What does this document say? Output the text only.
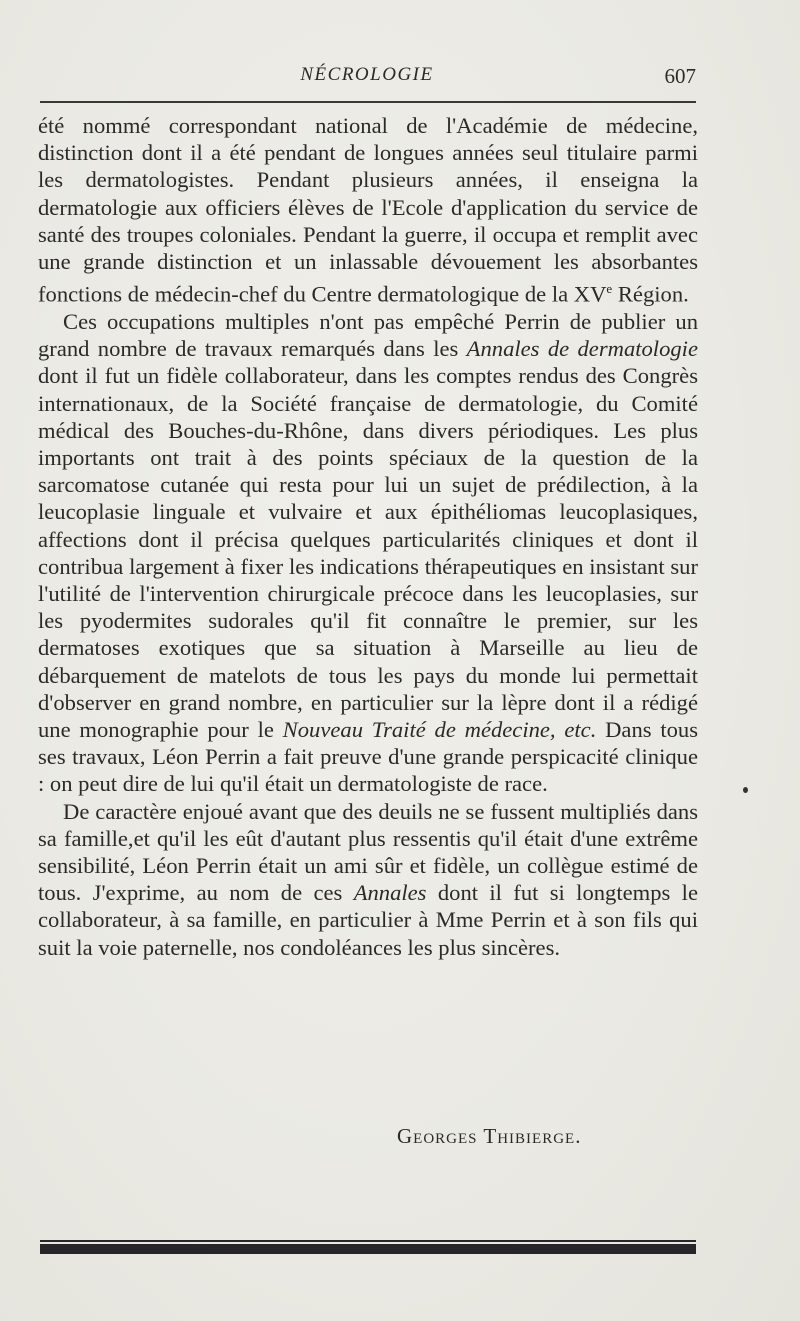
NÉCROLOGIE	607

été nommé correspondant national de l'Académie de médecine, distinction dont il a été pendant de longues années seul titulaire parmi les dermatologistes. Pendant plusieurs années, il enseigna la dermatologie aux officiers élèves de l'Ecole d'application du service de santé des troupes coloniales. Pendant la guerre, il occupa et remplit avec une grande distinction et un inlassable dévouement les absorbantes fonctions de médecin-chef du Centre dermatologique de la XVe Région.

Ces occupations multiples n'ont pas empêché Perrin de publier un grand nombre de travaux remarqués dans les Annales de dermatologie dont il fut un fidèle collaborateur, dans les comptes rendus des Congrès internationaux, de la Société française de dermatologie, du Comité médical des Bouches-du-Rhône, dans divers périodiques. Les plus importants ont trait à des points spéciaux de la question de la sarcomatose cutanée qui resta pour lui un sujet de prédilection, à la leucoplasie linguale et vulvaire et aux épithéliomas leucoplasiques, affections dont il précisa quelques particularités cliniques et dont il contribua largement à fixer les indications thérapeutiques en insistant sur l'utilité de l'intervention chirurgicale précoce dans les leucoplasies, sur les pyodermites sudorales qu'il fit connaître le premier, sur les dermatoses exotiques que sa situation à Marseille au lieu de débarquement de matelots de tous les pays du monde lui permettait d'observer en grand nombre, en particulier sur la lèpre dont il a rédigé une monographie pour le Nouveau Traité de médecine, etc. Dans tous ses travaux, Léon Perrin a fait preuve d'une grande perspicacité clinique : on peut dire de lui qu'il était un dermatologiste de race.

De caractère enjoué avant que des deuils ne se fussent multipliés dans sa famille,et qu'il les eût d'autant plus ressentis qu'il était d'une extrême sensibilité, Léon Perrin était un ami sûr et fidèle, un collègue estimé de tous. J'exprime, au nom de ces Annales dont il fut si longtemps le collaborateur, à sa famille, en particulier à Mme Perrin et à son fils qui suit la voie paternelle, nos condoléances les plus sincères.

Georges Thibierge.
